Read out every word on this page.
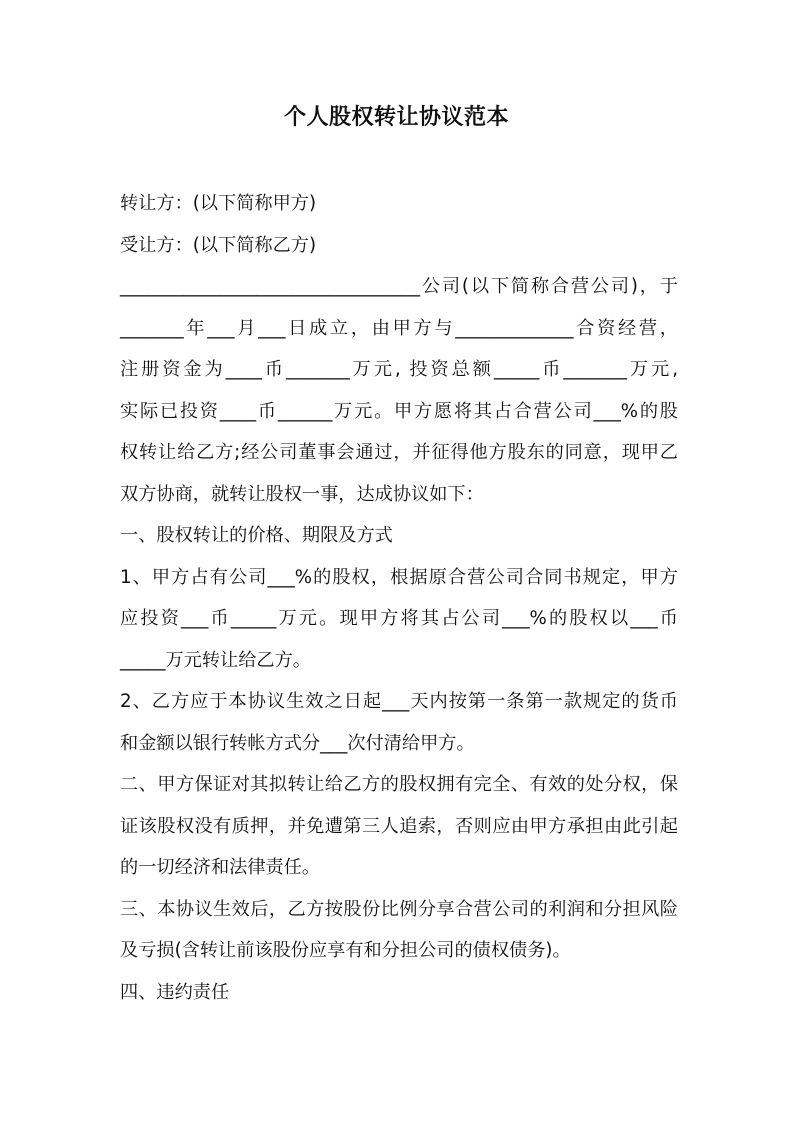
个人股权转让协议范本
转让方：(以下简称甲方)
受让方：(以下简称乙方)
_________________________________公司(以下简称合营公司)，于
_______年___月___日成立，由甲方与_____________合资经营，
注册资金为____币_______万元, 投资总额_____币_______万元,
实际已投资____币______万元。甲方愿将其占合营公司___%的股
权转让给乙方;经公司董事会通过，并征得他方股东的同意，现甲乙
双方协商，就转让股权一事，达成协议如下：
一、股权转让的价格、期限及方式
1、甲方占有公司___%的股权，根据原合营公司合同书规定，甲方
应投资___币_____万元。现甲方将其占公司___%的股权以___币
_____万元转让给乙方。
2、乙方应于本协议生效之日起___天内按第一条第一款规定的货币
和金额以银行转帐方式分___次付清给甲方。
二、甲方保证对其拟转让给乙方的股权拥有完全、有效的处分权，保
证该股权没有质押，并免遭第三人追索，否则应由甲方承担由此引起
的一切经济和法律责任。
三、本协议生效后，乙方按股份比例分享合营公司的利润和分担风险
及亏损(含转让前该股份应享有和分担公司的债权债务)。
四、违约责任
